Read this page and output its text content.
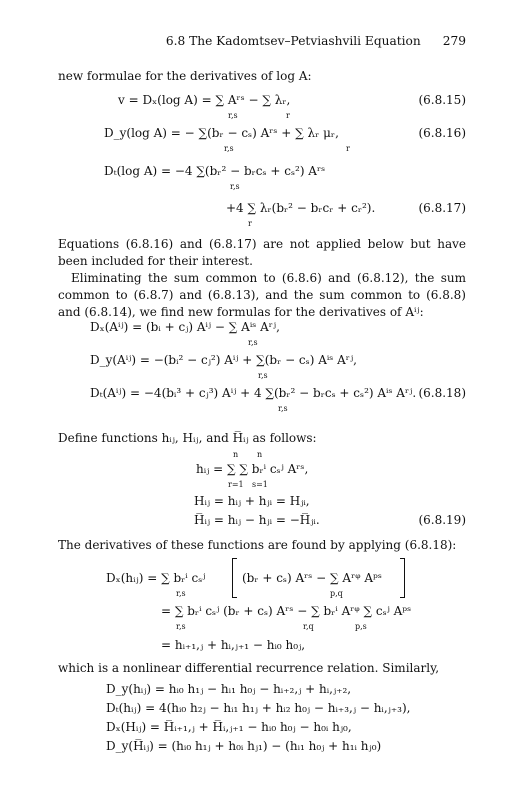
6.8 The Kadomtsev–Petviashvili Equation 279
new formulae for the derivatives of log A:
v = Dₓ(log A) = ∑ Aʳˢ − ∑ λᵣ,
r,s	r
(6.8.15)
D_y(log A) = − ∑(bᵣ − cₛ) Aʳˢ + ∑ λᵣ μᵣ,
r,s	r
(6.8.16)
Dₜ(log A) = −4 ∑(bᵣ² − bᵣcₛ + cₛ²) Aʳˢ
r,s
+4 ∑ λᵣ(bᵣ² − bᵣcᵣ + cᵣ²).
r
(6.8.17)
Equations (6.8.16) and (6.8.17) are not applied below but have been included for their interest.
Eliminating the sum common to (6.8.6) and (6.8.12), the sum common to (6.8.7) and (6.8.13), and the sum common to (6.8.8) and (6.8.14), we find new formulas for the derivatives of Aⁱʲ:
Dₓ(Aⁱʲ) = (bᵢ + cⱼ) Aⁱʲ − ∑ Aⁱˢ Aʳʲ,
r,s
D_y(Aⁱʲ) = −(bᵢ² − cⱼ²) Aⁱʲ + ∑(bᵣ − cₛ) Aⁱˢ Aʳʲ,
r,s
Dₜ(Aⁱʲ) = −4(bᵢ³ + cⱼ³) Aⁱʲ + 4 ∑(bᵣ² − bᵣcₛ + cₛ²) Aⁱˢ Aʳʲ.
r,s
(6.8.18)
Define functions hᵢⱼ, Hᵢⱼ, and H̅ᵢⱼ as follows:
n n
hᵢⱼ = ∑ ∑ bᵣⁱ cₛʲ Aʳˢ,
r=1 s=1
Hᵢⱼ = hᵢⱼ + hⱼᵢ = Hⱼᵢ,
H̅ᵢⱼ = hᵢⱼ − hⱼᵢ = −H̅ⱼᵢ.	(6.8.19)
The derivatives of these functions are found by applying (6.8.18):
Dₓ(hᵢⱼ) = ∑ bᵣⁱ cₛʲ
r,s
(bᵣ + cₛ) Aʳˢ − ∑ Aʳᵠ Aᵖˢ
p,q
= ∑ bᵣⁱ cₛʲ (bᵣ + cₛ) Aʳˢ − ∑ bᵣⁱ Aʳᵠ ∑ cₛʲ Aᵖˢ
r,s	r,q	p,s
= hᵢ₊₁,ⱼ + hᵢ,ⱼ₊₁ − hᵢ₀ h₀ⱼ,
which is a nonlinear differential recurrence relation. Similarly,
D_y(hᵢⱼ) = hᵢ₀ h₁ⱼ − hᵢ₁ h₀ⱼ − hᵢ₊₂,ⱼ + hᵢ,ⱼ₊₂,
Dₜ(hᵢⱼ) = 4(hᵢ₀ h₂ⱼ − hᵢ₁ h₁ⱼ + hᵢ₂ h₀ⱼ − hᵢ₊₃,ⱼ − hᵢ,ⱼ₊₃),
Dₓ(Hᵢⱼ) = H̅ᵢ₊₁,ⱼ + H̅ᵢ,ⱼ₊₁ − hᵢ₀ h₀ⱼ − h₀ᵢ hⱼ₀,
D_y(H̅ᵢⱼ) = (hᵢ₀ h₁ⱼ + h₀ᵢ hⱼ₁) − (hᵢ₁ h₀ⱼ + h₁ᵢ hⱼ₀)
